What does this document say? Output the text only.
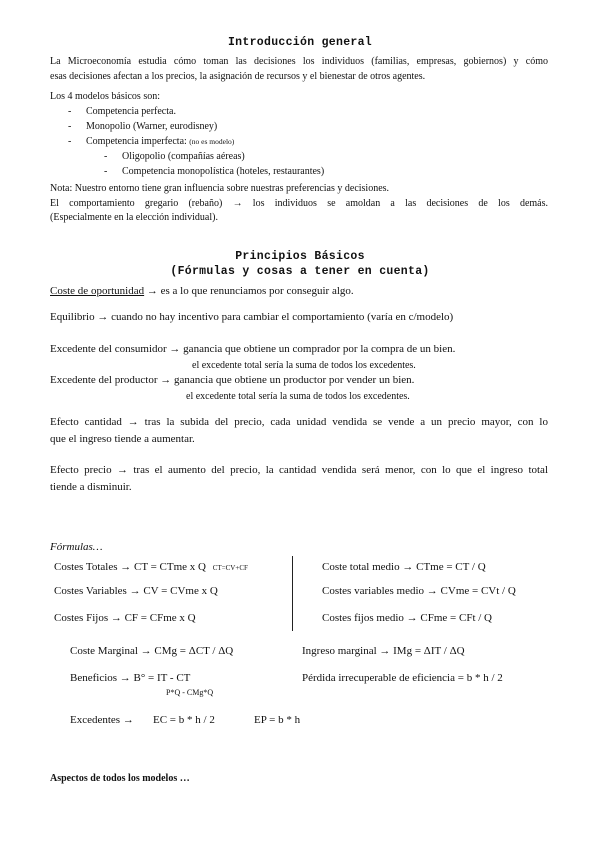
Introducción general
La Microeconomía estudia cómo toman las decisiones los individuos (familias, empresas, gobiernos) y cómo
esas decisiones afectan a los precios, la asignación de recursos y el bienestar de otros agentes.
Los 4 modelos básicos son:
- Competencia perfecta.
- Monopolio (Warner, eurodisney)
- Competencia imperfecta: (no es modelo)
- Oligopolio (compañías aéreas)
- Competencia monopolística (hoteles, restaurantes)
Nota: Nuestro entorno tiene gran influencia sobre nuestras preferencias y decisiones.
El comportamiento gregario (rebaño) → los individuos se amoldan a las decisiones de los demás.
(Especialmente en la elección individual).
Principios Básicos
(Fórmulas y cosas a tener en cuenta)
Coste de oportunidad → es a lo que renunciamos por conseguir algo.
Equilibrio → cuando no hay incentivo para cambiar el comportamiento (varía en c/modelo)
Excedente del consumidor → ganancia que obtiene un comprador por la compra de un bien.
el excedente total sería la suma de todos los excedentes.
Excedente del productor → ganancia que obtiene un productor por vender un bien.
el excedente total sería la suma de todos los excedentes.
Efecto cantidad → tras la subida del precio, cada unidad vendida se vende a un precio mayor, con lo
que el ingreso tiende a aumentar.
Efecto precio → tras el aumento del precio, la cantidad vendida será menor, con lo que el ingreso total
tiende a disminuir.
Fórmulas…
Costes Totales → CT = CTme x Q CT=CV+CF
Costes Variables → CV = CVme x Q
Costes Fijos → CF = CFme x Q
Coste total medio → CTme = CT / Q
Costes variables medio → CVme = CVt / Q
Costes fijos medio → CFme = CFt / Q
Coste Marginal → CMg = ΔCT / ΔQ	Ingreso marginal → IMg = ΔIT / ΔQ
Beneficios → B° = IT - CT
P*Q - CMg*Q
Pérdida irrecuperable de eficiencia = b * h / 2
Excedentes → EC = b * h / 2	EP = b * h
Aspectos de todos los modelos …
